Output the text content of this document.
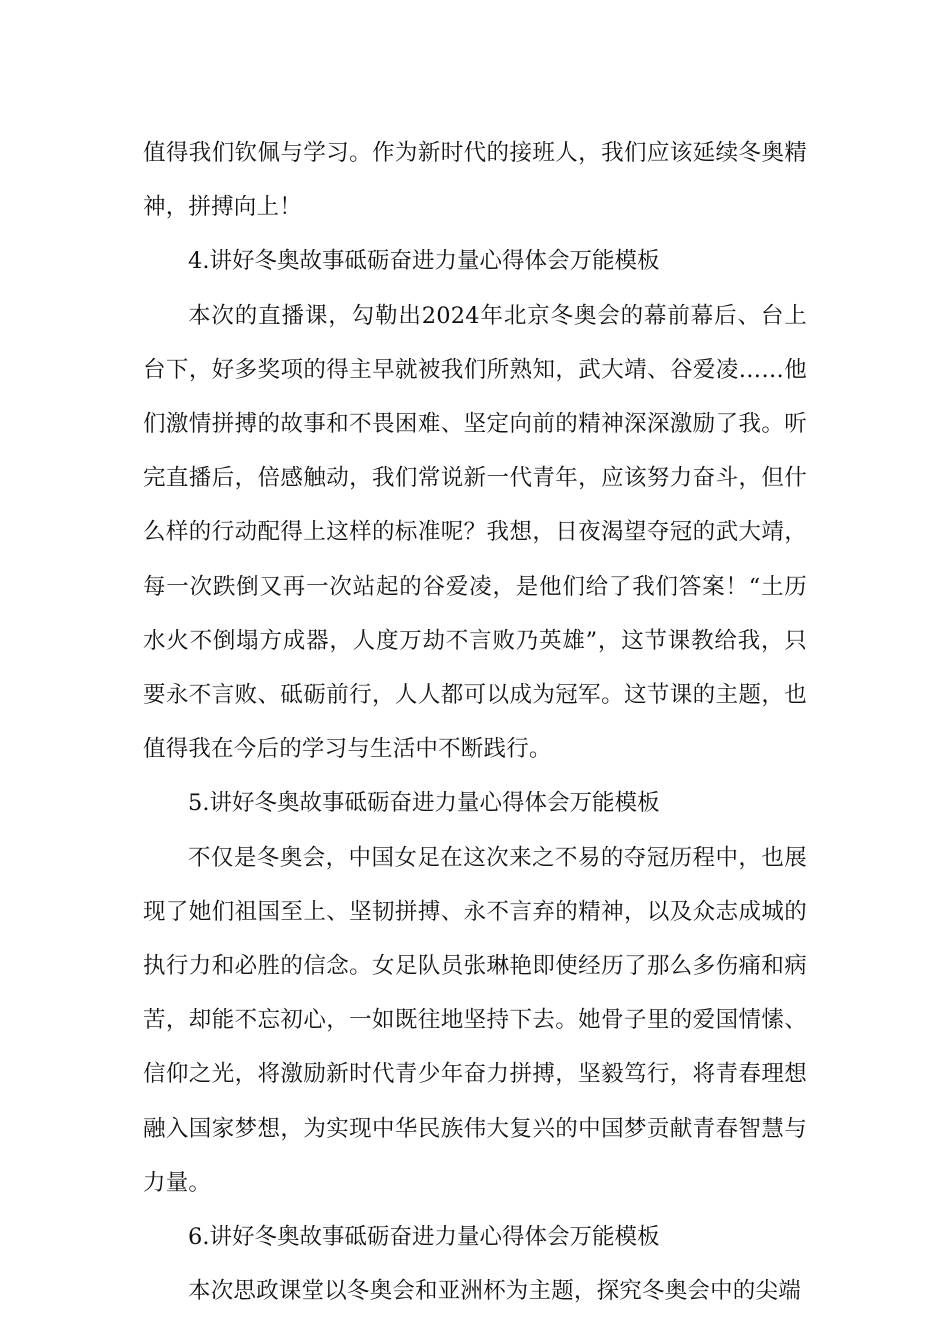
值得我们钦佩与学习。作为新时代的接班人，我们应该延续冬奥精神，拼搏向上！

4.讲好冬奥故事砥砺奋进力量心得体会万能模板

本次的直播课，勾勒出2024年北京冬奥会的幕前幕后、台上台下，好多奖项的得主早就被我们所熟知，武大靖、谷爱凌……他们激情拼搏的故事和不畏困难、坚定向前的精神深深激励了我。听完直播后，倍感触动，我们常说新一代青年，应该努力奋斗，但什么样的行动配得上这样的标准呢？我想，日夜渴望夺冠的武大靖，每一次跌倒又再一次站起的谷爱凌，是他们给了我们答案！“土历水火不倒塌方成器，人度万劫不言败乃英雄”，这节课教给我，只要永不言败、砥砺前行，人人都可以成为冠军。这节课的主题，也值得我在今后的学习与生活中不断践行。

5.讲好冬奥故事砥砺奋进力量心得体会万能模板

不仅是冬奥会，中国女足在这次来之不易的夺冠历程中，也展现了她们祖国至上、坚韧拼搏、永不言弃的精神，以及众志成城的执行力和必胜的信念。女足队员张琳艳即使经历了那么多伤痛和病苦，却能不忘初心，一如既往地坚持下去。她骨子里的爱国情愫、信仰之光，将激励新时代青少年奋力拼搏，坚毅笃行，将青春理想融入国家梦想，为实现中华民族伟大复兴的中国梦贡献青春智慧与力量。

6.讲好冬奥故事砥砺奋进力量心得体会万能模板

本次思政课堂以冬奥会和亚洲杯为主题，探究冬奥会中的尖端
